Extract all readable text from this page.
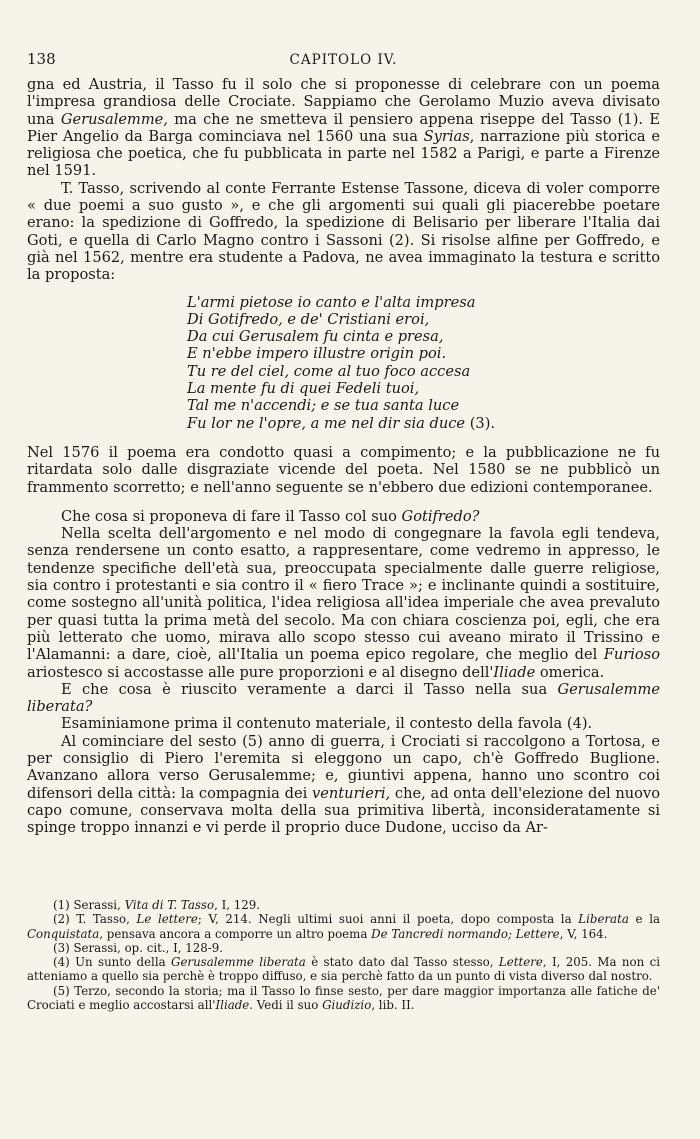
138	CAPITOLO IV.

gna ed Austria, il Tasso fu il solo che si proponesse di celebrare con un poema l'impresa grandiosa delle Crociate. Sappiamo che Gerolamo Muzio aveva divisato una Gerusalemme, ma che ne smetteva il pensiero appena riseppe del Tasso (1). E Pier Angelio da Barga cominciava nel 1560 una sua Syrias, narrazione più storica e religiosa che poetica, che fu pubblicata in parte nel 1582 a Parigi, e parte a Firenze nel 1591.

T. Tasso, scrivendo al conte Ferrante Estense Tassone, diceva di voler comporre « due poemi a suo gusto », e che gli argomenti sui quali gli piacerebbe poetare erano: la spedizione di Goffredo, la spedizione di Belisario per liberare l'Italia dai Goti, e quella di Carlo Magno contro i Sassoni (2). Si risolse alfine per Goffredo, e già nel 1562, mentre era studente a Padova, ne avea immaginato la testura e scritto la proposta:

L'armi pietose io canto e l'alta impresa
Di Gotifredo, e de' Cristiani eroi,
Da cui Gerusalem fu cinta e presa,
E n'ebbe impero illustre origin poi.
Tu re del ciel, come al tuo foco accesa
La mente fu di quei Fedeli tuoi,
Tal me n'accendi; e se tua santa luce
Fu lor ne l'opre, a me nel dir sia duce (3).

Nel 1576 il poema era condotto quasi a compimento; e la pubblicazione ne fu ritardata solo dalle disgraziate vicende del poeta. Nel 1580 se ne pubblicò un frammento scorretto; e nell'anno seguente se n'ebbero due edizioni contemporanee.

Che cosa si proponeva di fare il Tasso col suo Gotifredo?

Nella scelta dell'argomento e nel modo di congegnare la favola egli tendeva, senza rendersene un conto esatto, a rappresentare, come vedremo in appresso, le tendenze specifiche dell'età sua, preoccupata specialmente dalle guerre religiose, sia contro i protestanti e sia contro il « fiero Trace »; e inclinante quindi a sostituire, come sostegno all'unità politica, l'idea religiosa all'idea imperiale che avea prevaluto per quasi tutta la prima metà del secolo. Ma con chiara coscienza poi, egli, che era più letterato che uomo, mirava allo scopo stesso cui aveano mirato il Trissino e l'Alamanni: a dare, cioè, all'Italia un poema epico regolare, che meglio del Furioso ariostesco si accostasse alle pure proporzioni e al disegno dell'Iliade omerica.

E che cosa è riuscito veramente a darci il Tasso nella sua Gerusalemme liberata?

Esaminiamone prima il contenuto materiale, il contesto della favola (4).

Al cominciare del sesto (5) anno di guerra, i Crociati si raccolgono a Tortosa, e per consiglio di Piero l'eremita si eleggono un capo, ch'è Goffredo Buglione. Avanzano allora verso Gerusalemme; e, giuntivi appena, hanno uno scontro coi difensori della città: la compagnia dei venturieri, che, ad onta dell'elezione del nuovo capo comune, conservava molta della sua primitiva libertà, inconsideratamente si spinge troppo innanzi e vi perde il proprio duce Dudone, ucciso da Ar-

(1) Serassi, Vita di T. Tasso, I, 129.

(2) T. Tasso, Le lettere; V, 214. Negli ultimi suoi anni il poeta, dopo composta la Liberata e la Conquistata, pensava ancora a comporre un altro poema De Tancredi normando; Lettere, V, 164.

(3) Serassi, op. cit., I, 128-9.

(4) Un sunto della Gerusalemme liberata è stato dato dal Tasso stesso, Lettere, I, 205. Ma non ci atteniamo a quello sia perchè è troppo diffuso, e sia perchè fatto da un punto di vista diverso dal nostro.

(5) Terzo, secondo la storia; ma il Tasso lo finse sesto, per dare maggior importanza alle fatiche de' Crociati e meglio accostarsi all'Iliade. Vedi il suo Giudizio, lib. II.
